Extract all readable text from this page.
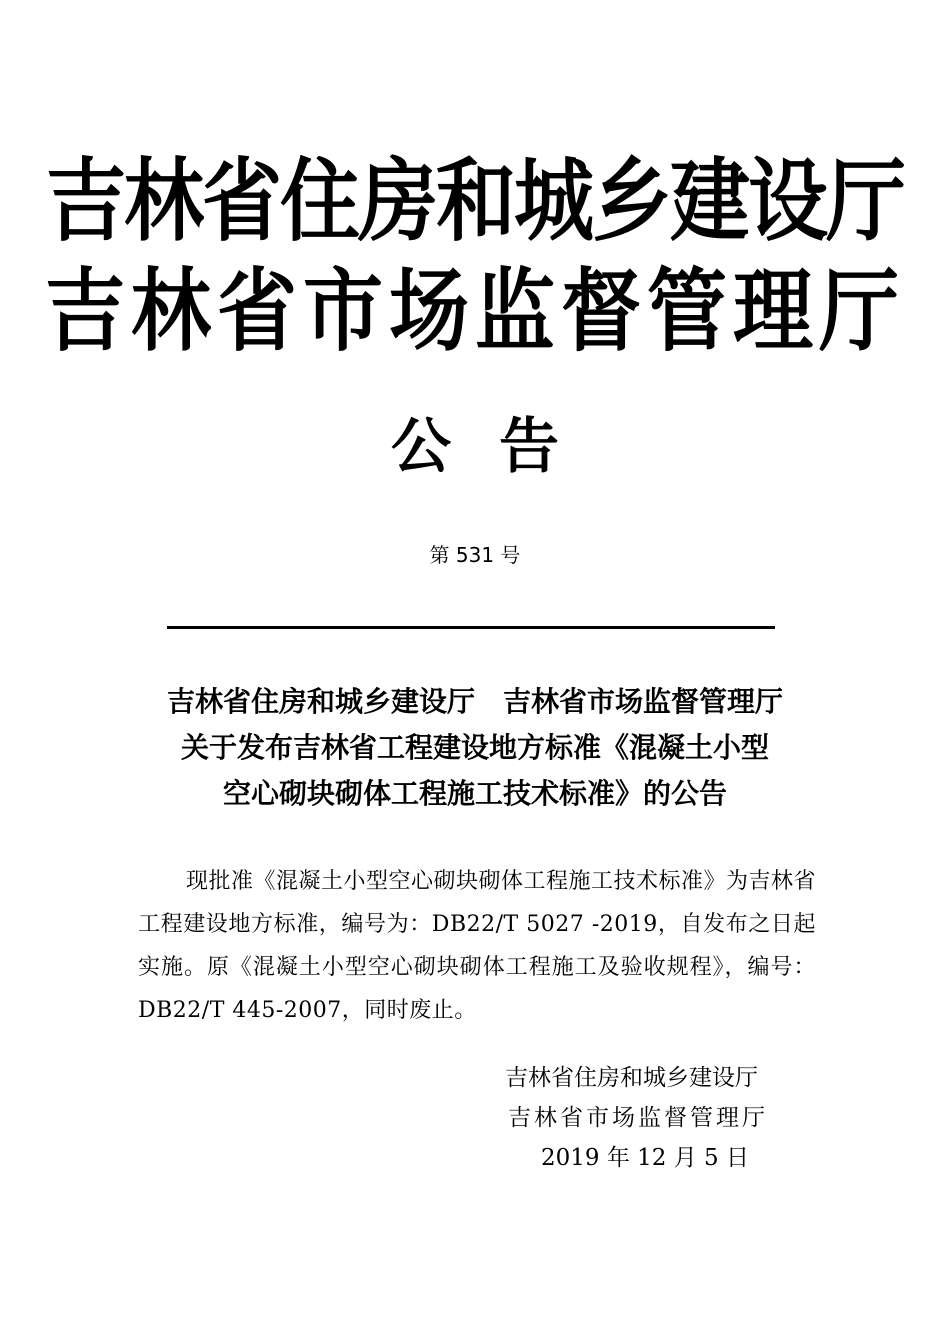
吉林省住房和城乡建设厅
吉林省市场监督管理厅
公告
第 531 号
吉林省住房和城乡建设厅　吉林省市场监督管理厅
关于发布吉林省工程建设地方标准《混凝土小型
空心砌块砌体工程施工技术标准》的公告
现批准《混凝土小型空心砌块砌体工程施工技术标准》为吉林省工程建设地方标准，编号为：DB22/T 5027 -2019，自发布之日起实施。原《混凝土小型空心砌块砌体工程施工及验收规程》，编号：DB22/T 445-2007，同时废止。
吉林省住房和城乡建设厅
吉林省市场监督管理厅
2019 年 12 月 5 日
